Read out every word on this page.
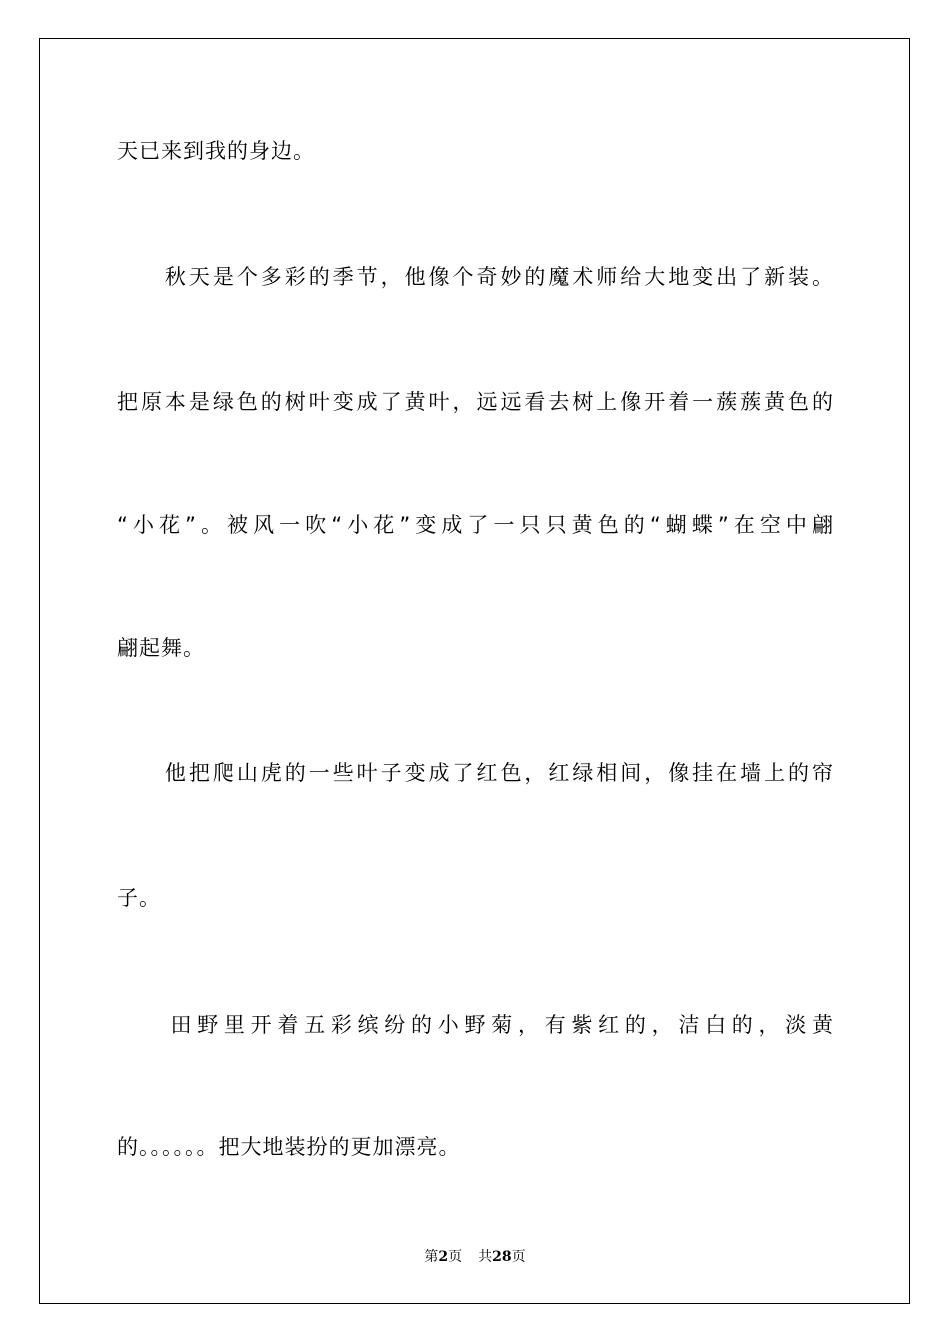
天已来到我的身边。
　　秋天是个多彩的季节，他像个奇妙的魔术师给大地变出了新装。
把原本是绿色的树叶变成了黄叶，远远看去树上像开着一蔟蔟黄色的
“小花”。被风一吹“小花”变成了一只只黄色的“蝴蝶”在空中翩
翩起舞。
　　他把爬山虎的一些叶子变成了红色，红绿相间，像挂在墙上的帘
子。
　　田野里开着五彩缤纷的小野菊，有紫红的，洁白的，淡黄
的。。。。。。把大地装扮的更加漂亮。
第2页 共28页
